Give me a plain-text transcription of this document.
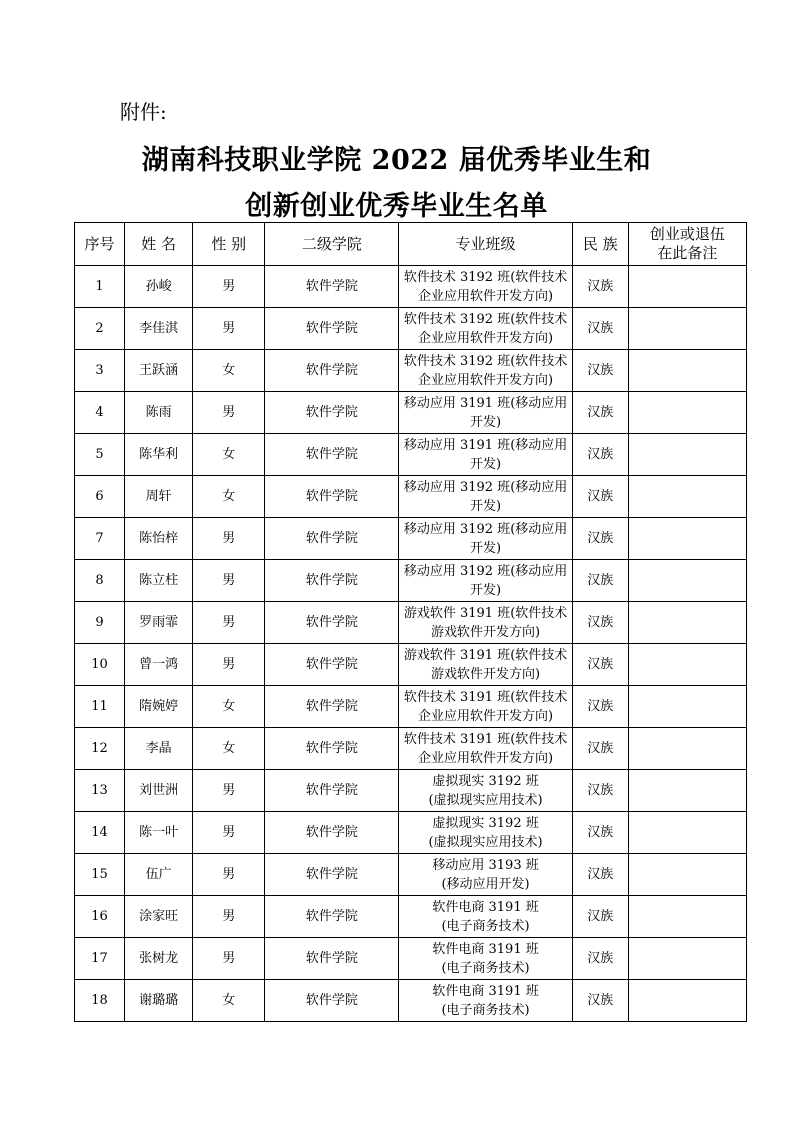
附件:
湖南科技职业学院 2022 届优秀毕业生和
创新创业优秀毕业生名单
序号	姓 名	性 别	二级学院	专业班级	民 族	创业或退伍
在此备注

1	孙峻	男	软件学院	软件技术 3192 班(软件技术
企业应用软件开发方向)	汉族	
2	李佳淇	男	软件学院	软件技术 3192 班(软件技术
企业应用软件开发方向)	汉族	
3	王跃涵	女	软件学院	软件技术 3192 班(软件技术
企业应用软件开发方向)	汉族	
4	陈雨	男	软件学院	移动应用 3191 班(移动应用
开发)	汉族	
5	陈华利	女	软件学院	移动应用 3191 班(移动应用
开发)	汉族	
6	周轩	女	软件学院	移动应用 3192 班(移动应用
开发)	汉族	
7	陈怡梓	男	软件学院	移动应用 3192 班(移动应用
开发)	汉族	
8	陈立柱	男	软件学院	移动应用 3192 班(移动应用
开发)	汉族	
9	罗雨霏	男	软件学院	游戏软件 3191 班(软件技术
游戏软件开发方向)	汉族	
10	曾一鸿	男	软件学院	游戏软件 3191 班(软件技术
游戏软件开发方向)	汉族	
11	隋婉婷	女	软件学院	软件技术 3191 班(软件技术
企业应用软件开发方向)	汉族	
12	李晶	女	软件学院	软件技术 3191 班(软件技术
企业应用软件开发方向)	汉族	
13	刘世洲	男	软件学院	虚拟现实 3192 班
(虚拟现实应用技术)	汉族	
14	陈一叶	男	软件学院	虚拟现实 3192 班
(虚拟现实应用技术)	汉族	
15	伍广	男	软件学院	移动应用 3193 班
(移动应用开发)	汉族	
16	涂家旺	男	软件学院	软件电商 3191 班
(电子商务技术)	汉族	
17	张树龙	男	软件学院	软件电商 3191 班
(电子商务技术)	汉族	
18	谢璐璐	女	软件学院	软件电商 3191 班
(电子商务技术)	汉族	
